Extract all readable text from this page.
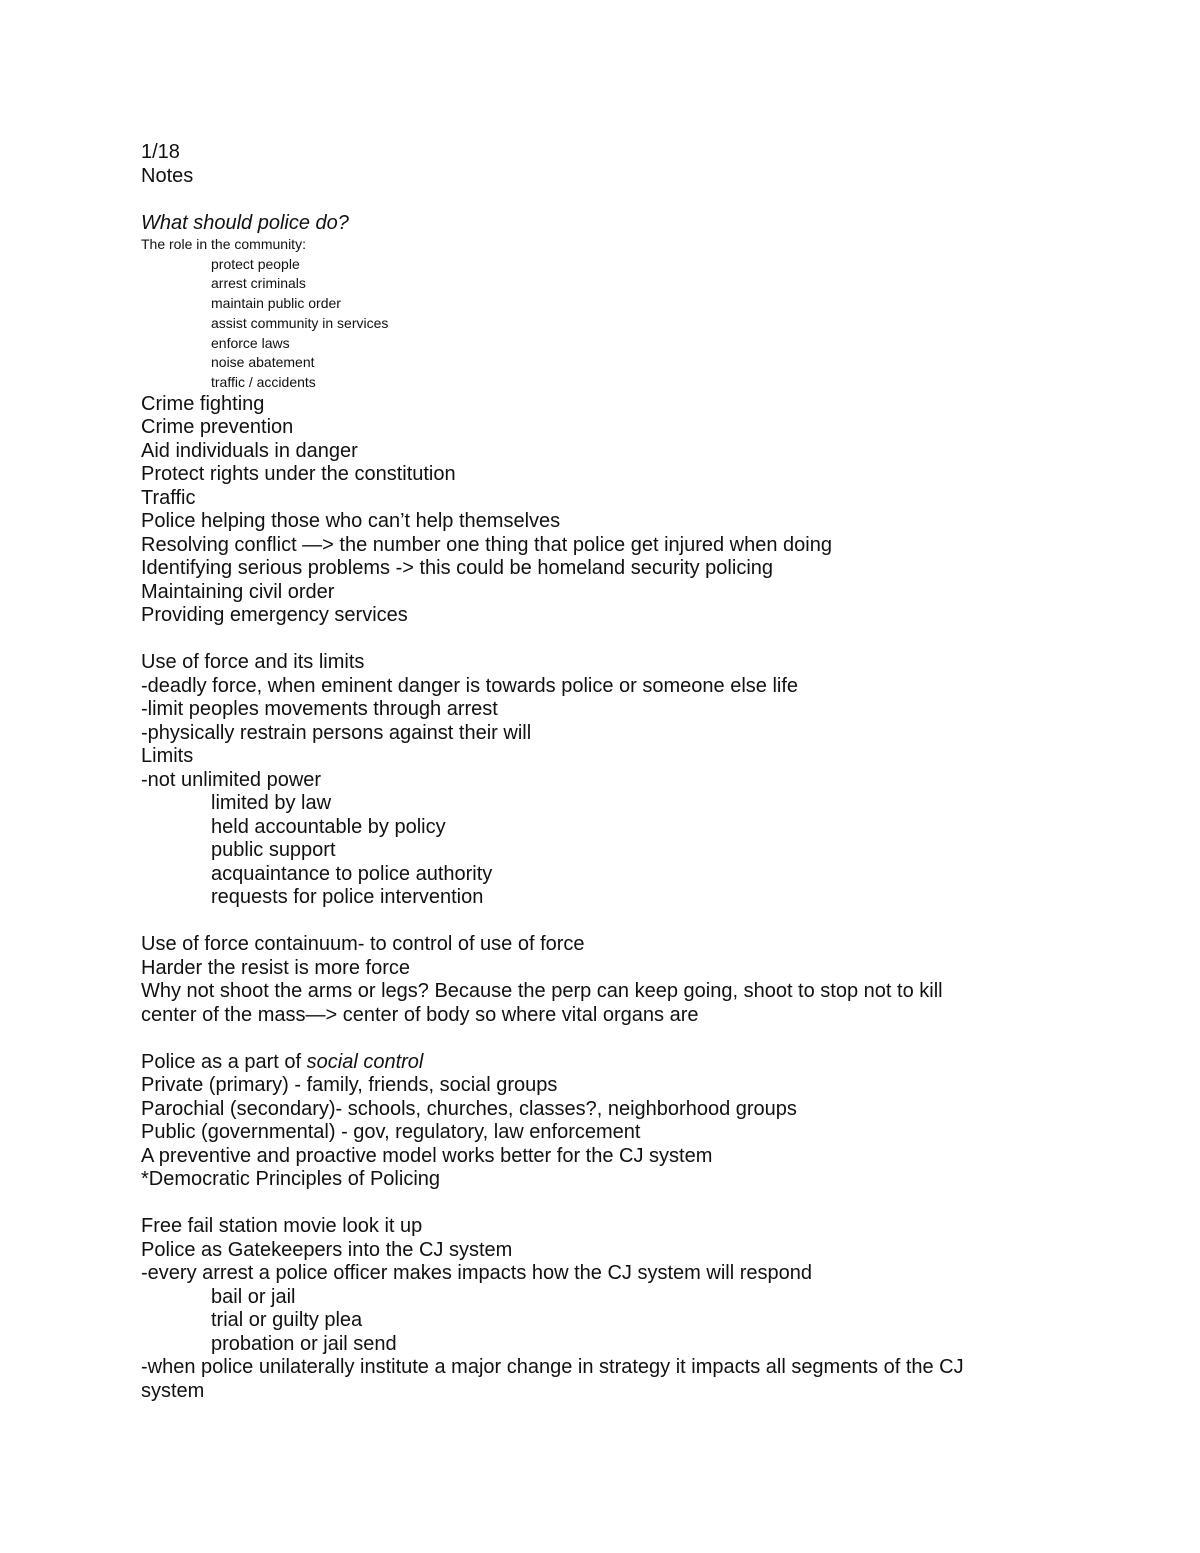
1/18
Notes
What should police do?
The role in the community:
protect people
arrest criminals
maintain public order
assist community in services
enforce laws
noise abatement
traffic / accidents
Crime fighting
Crime prevention
Aid individuals in danger
Protect rights under the constitution
Traffic
Police helping those who can’t help themselves
Resolving conflict —> the number one thing that police get injured when doing
Identifying serious problems -> this could be homeland security policing
Maintaining civil order
Providing emergency services
Use of force and its limits
-deadly force, when eminent danger is towards police or someone else life
-limit peoples movements through arrest
-physically restrain persons against their will
Limits
-not unlimited power
limited by law
held accountable by policy
public support
acquaintance to police authority
requests for police intervention
Use of force containuum- to control of use of force
Harder the resist is more force
Why not shoot the arms or legs? Because the perp can keep going, shoot to stop not to kill
center of the mass—> center of body so where vital organs are
Police as a part of social control
Private (primary) - family, friends, social groups
Parochial (secondary)- schools, churches, classes?, neighborhood groups
Public (governmental) - gov, regulatory, law enforcement
A preventive and proactive model works better for the CJ system
*Democratic Principles of Policing
Free fail station movie look it up
Police as Gatekeepers into the CJ system
-every arrest a police officer makes impacts how the CJ system will respond
bail or jail
trial or guilty plea
probation or jail send
-when police unilaterally institute a major change in strategy it impacts all segments of the CJ
system
